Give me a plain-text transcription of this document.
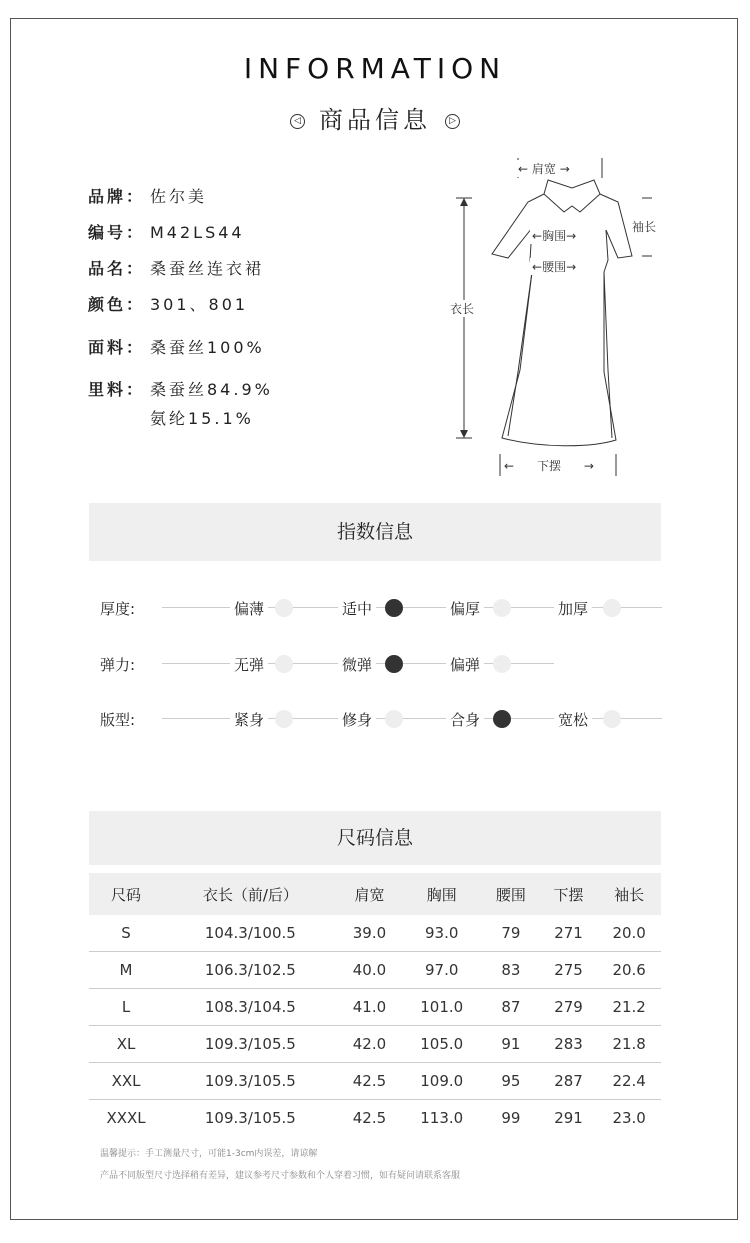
INFORMATION
◁ 商品信息 ▷
品牌： 佐尔美
编号： M42LS44
品名： 桑蚕丝连衣裙
颜色： 301、801
面料： 桑蚕丝100%
里料： 桑蚕丝84.9%
氨纶15.1%
← 肩宽 →
袖长
←胸围→
←腰围→
衣长
← 下摆 →
指数信息
厚度:	偏薄	适中	偏厚	加厚
弹力:	无弹	微弹	偏弹
版型:	紧身	修身	合身	宽松
尺码信息
尺码	衣长（前/后）	肩宽	胸围	腰围	下摆	袖长
S	104.3/100.5	39.0	93.0	79	271	20.0
M	106.3/102.5	40.0	97.0	83	275	20.6
L	108.3/104.5	41.0	101.0	87	279	21.2
XL	109.3/105.5	42.0	105.0	91	283	21.8
XXL	109.3/105.5	42.5	109.0	95	287	22.4
XXXL	109.3/105.5	42.5	113.0	99	291	23.0
温馨提示：手工测量尺寸，可能1-3cm内误差，请谅解
产品不同版型尺寸选择稍有差异，建议参考尺寸参数和个人穿着习惯，如有疑问请联系客服
